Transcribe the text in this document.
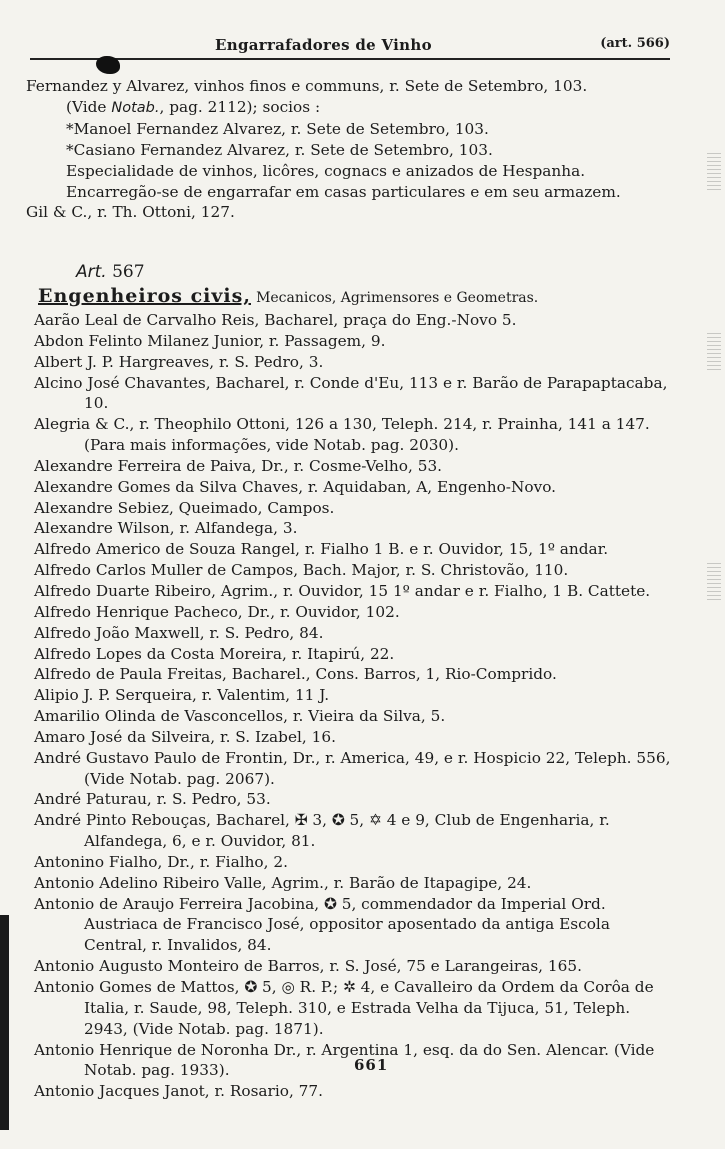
Engarrafadores de Vinho	(art. 566)

Fernandez y Alvarez, vinhos finos e communs, r. Sete de Setembro, 103.
(Vide Notab., pag. 2112); socios :

*Manoel Fernandez Alvarez, r. Sete de Setembro, 103.

*Casiano Fernandez Alvarez, r. Sete de Setembro, 103.

Especialidade de vinhos, licôres, cognacs e anizados de Hespanha. Encarregão-se de engarrafar em casas particulares e em seu armazem.

Gil & C., r. Th. Ottoni, 127.

Art. 567
Engenheiros civis, Mecanicos, Agrimensores e Geometras.

Aarão Leal de Carvalho Reis, Bacharel, praça do Eng.-Novo 5.

Abdon Felinto Milanez Junior, r. Passagem, 9.

Albert J. P. Hargreaves, r. S. Pedro, 3.

Alcino José Chavantes, Bacharel, r. Conde d'Eu, 113 e r. Barão de Parapaptacaba, 10.

Alegria & C., r. Theophilo Ottoni, 126 a 130, Teleph. 214, r. Prainha, 141 a 147. (Para mais informações, vide Notab. pag. 2030).

Alexandre Ferreira de Paiva, Dr., r. Cosme-Velho, 53.

Alexandre Gomes da Silva Chaves, r. Aquidaban, A, Engenho-Novo.

Alexandre Sebiez, Queimado, Campos.

Alexandre Wilson, r. Alfandega, 3.

Alfredo Americo de Souza Rangel, r. Fialho 1 B. e r. Ouvidor, 15, 1º andar.

Alfredo Carlos Muller de Campos, Bach. Major, r. S. Christovão, 110.

Alfredo Duarte Ribeiro, Agrim., r. Ouvidor, 15 1º andar e r. Fialho, 1 B. Cattete.

Alfredo Henrique Pacheco, Dr., r. Ouvidor, 102.

Alfredo João Maxwell, r. S. Pedro, 84.

Alfredo Lopes da Costa Moreira, r. Itapirú, 22.

Alfredo de Paula Freitas, Bacharel., Cons. Barros, 1, Rio-Comprido.

Alipio J. P. Serqueira, r. Valentim, 11 J.

Amarilio Olinda de Vasconcellos, r. Vieira da Silva, 5.

Amaro José da Silveira, r. S. Izabel, 16.

André Gustavo Paulo de Frontin, Dr., r. America, 49, e r. Hospicio 22, Teleph. 556, (Vide Notab. pag. 2067).

André Paturau, r. S. Pedro, 53.

André Pinto Rebouças, Bacharel, ✠ 3, ✪ 5, ✡ 4 e 9, Club de Engenharia, r. Alfandega, 6, e r. Ouvidor, 81.

Antonino Fialho, Dr., r. Fialho, 2.

Antonio Adelino Ribeiro Valle, Agrim., r. Barão de Itapagipe, 24.

Antonio de Araujo Ferreira Jacobina, ✪ 5, commendador da Imperial Ord. Austriaca de Francisco José, oppositor aposentado da antiga Escola Central, r. Invalidos, 84.

Antonio Augusto Monteiro de Barros, r. S. José, 75 e Larangeiras, 165.

Antonio Gomes de Mattos, ✪ 5, ◎ R. P.; ✲ 4, e Cavalleiro da Ordem da Corôa de Italia, r. Saude, 98, Teleph. 310, e Estrada Velha da Tijuca, 51, Teleph. 2943, (Vide Notab. pag. 1871).

Antonio Henrique de Noronha Dr., r. Argentina 1, esq. da do Sen. Alencar. (Vide Notab. pag. 1933).

Antonio Jacques Janot, r. Rosario, 77.

661
